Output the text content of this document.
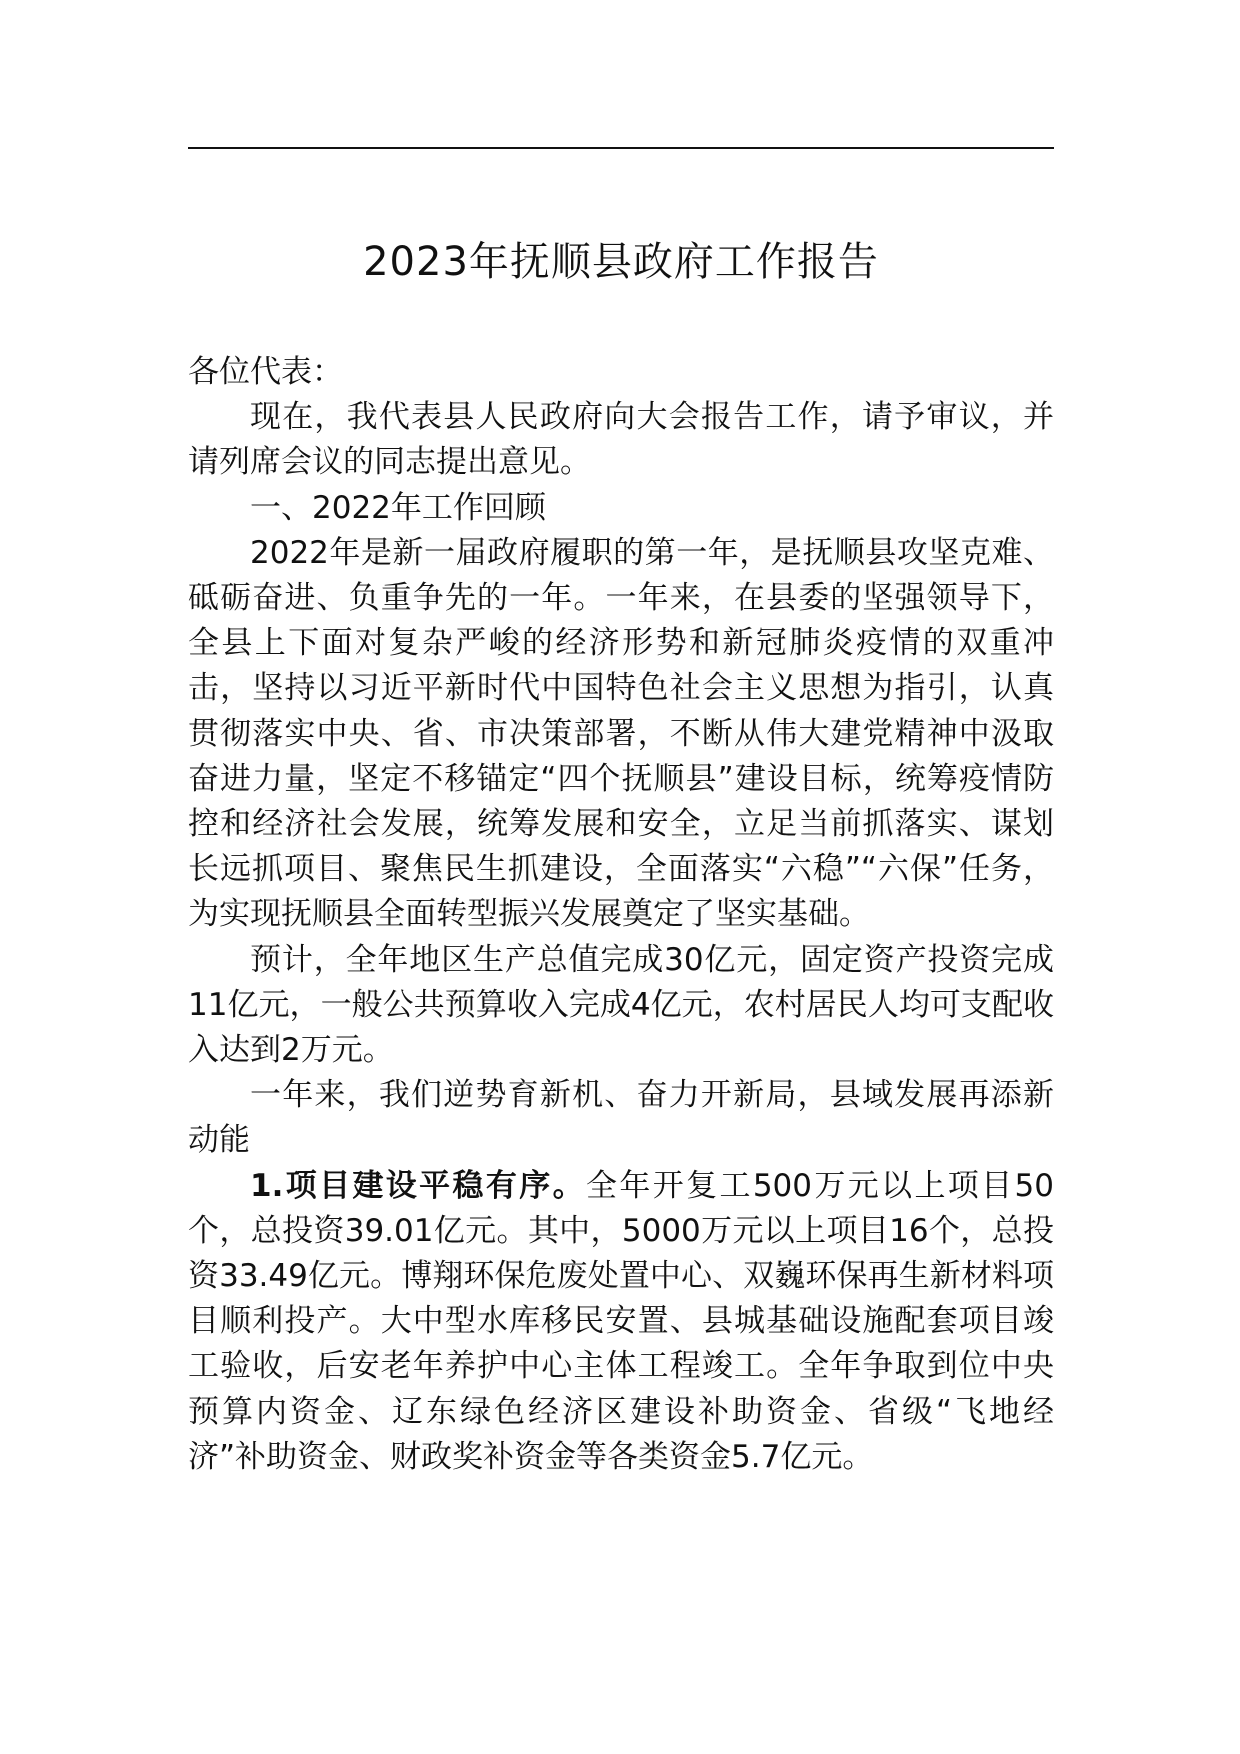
2023年抚顺县政府工作报告

各位代表：

现在，我代表县人民政府向大会报告工作，请予审议，并请列席会议的同志提出意见。

一、2022年工作回顾

2022年是新一届政府履职的第一年，是抚顺县攻坚克难、砥砺奋进、负重争先的一年。一年来，在县委的坚强领导下，全县上下面对复杂严峻的经济形势和新冠肺炎疫情的双重冲击，坚持以习近平新时代中国特色社会主义思想为指引，认真贯彻落实中央、省、市决策部署，不断从伟大建党精神中汲取奋进力量，坚定不移锚定“四个抚顺县”建设目标，统筹疫情防控和经济社会发展，统筹发展和安全，立足当前抓落实、谋划长远抓项目、聚焦民生抓建设，全面落实“六稳”“六保”任务，为实现抚顺县全面转型振兴发展奠定了坚实基础。

预计，全年地区生产总值完成30亿元，固定资产投资完成11亿元，一般公共预算收入完成4亿元，农村居民人均可支配收入达到2万元。

一年来，我们逆势育新机、奋力开新局，县域发展再添新动能

1.项目建设平稳有序。全年开复工500万元以上项目50个，总投资39.01亿元。其中，5000万元以上项目16个，总投资33.49亿元。博翔环保危废处置中心、双巍环保再生新材料项目顺利投产。大中型水库移民安置、县城基础设施配套项目竣工验收，后安老年养护中心主体工程竣工。全年争取到位中央预算内资金、辽东绿色经济区建设补助资金、省级“飞地经济”补助资金、财政奖补资金等各类资金5.7亿元。
